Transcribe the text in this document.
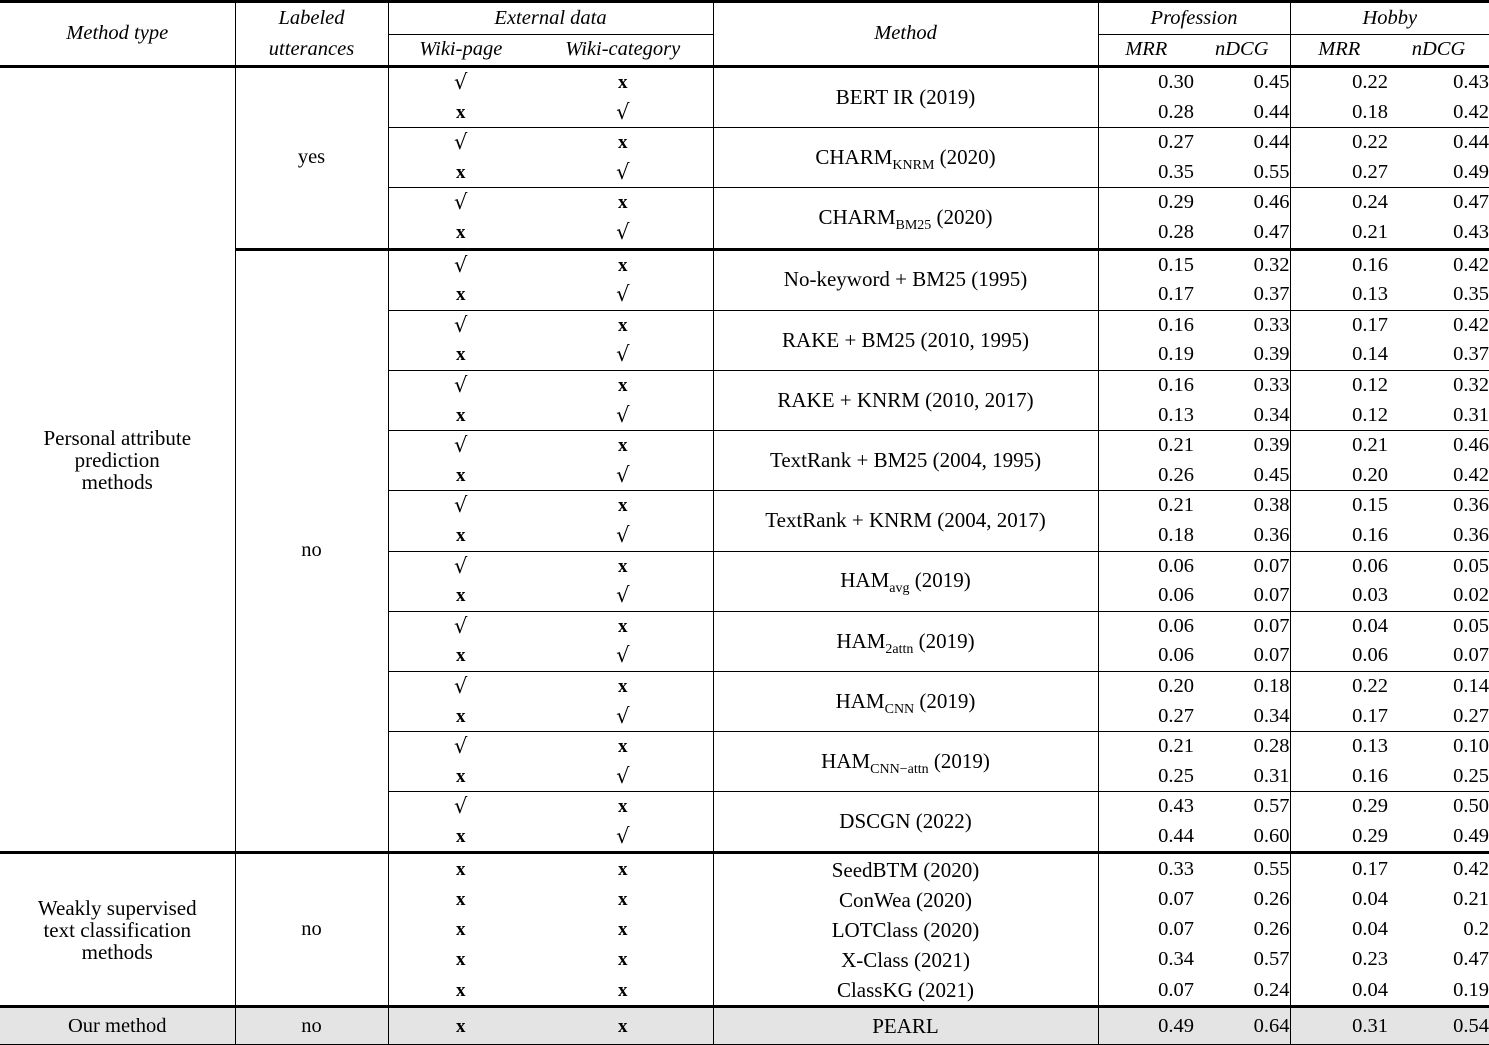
Method type	Labeled	External data		Method	Profession		Hobby	
	utterances	Wiki-page	Wiki-category		MRR	nDCG	MRR	nDCG

Personal attribute
prediction
methods	yes	√	x	BERT IR (2019)	0.30	0.45	0.22	0.43
		x	√		0.28	0.44	0.18	0.42
		√	x	$CHARM_{KNRM}$ (2020)	0.27	0.44	0.22	0.44
		x	√		0.35	0.55	0.27	0.49
		√	x	$CHARM_{BM25}$ (2020)	0.29	0.46	0.24	0.47
		x	√		0.28	0.47	0.21	0.43
	no	√	x	No-keyword + BM25 (1995)	0.15	0.32	0.16	0.42
		x	√		0.17	0.37	0.13	0.35
		√	x	RAKE + BM25 (2010, 1995)	0.16	0.33	0.17	0.42
		x	√		0.19	0.39	0.14	0.37
		√	x	RAKE + KNRM (2010, 2017)	0.16	0.33	0.12	0.32
		x	√		0.13	0.34	0.12	0.31
		√	x	TextRank + BM25 (2004, 1995)	0.21	0.39	0.21	0.46
		x	√		0.26	0.45	0.20	0.42
		√	x	TextRank + KNRM (2004, 2017)	0.21	0.38	0.15	0.36
		x	√		0.18	0.36	0.16	0.36
		√	x	$HAM_{avg}$ (2019)	0.06	0.07	0.06	0.05
		x	√		0.06	0.07	0.03	0.02
		√	x	$HAM_{2attn}$ (2019)	0.06	0.07	0.04	0.05
		x	√		0.06	0.07	0.06	0.07
		√	x	$HAM_{CNN}$ (2019)	0.20	0.18	0.22	0.14
		x	√		0.27	0.34	0.17	0.27
		√	x	$HAM_{CNN-attn}$ (2019)	0.21	0.28	0.13	0.10
		x	√		0.25	0.31	0.16	0.25
		√	x	DSCGN (2022)	0.43	0.57	0.29	0.50
		x	√		0.44	0.60	0.29	0.49

Weakly supervised
text classification
methods	no	x	x	SeedBTM (2020)	0.33	0.55	0.17	0.42
		x	x	ConWea (2020)	0.07	0.26	0.04	0.21
		x	x	LOTClass (2020)	0.07	0.26	0.04	0.2
		x	x	X-Class (2021)	0.34	0.57	0.23	0.47
		x	x	ClassKG (2021)	0.07	0.24	0.04	0.19
Our method	no	x	x	PEARL	0.49	0.64	0.31	0.54
